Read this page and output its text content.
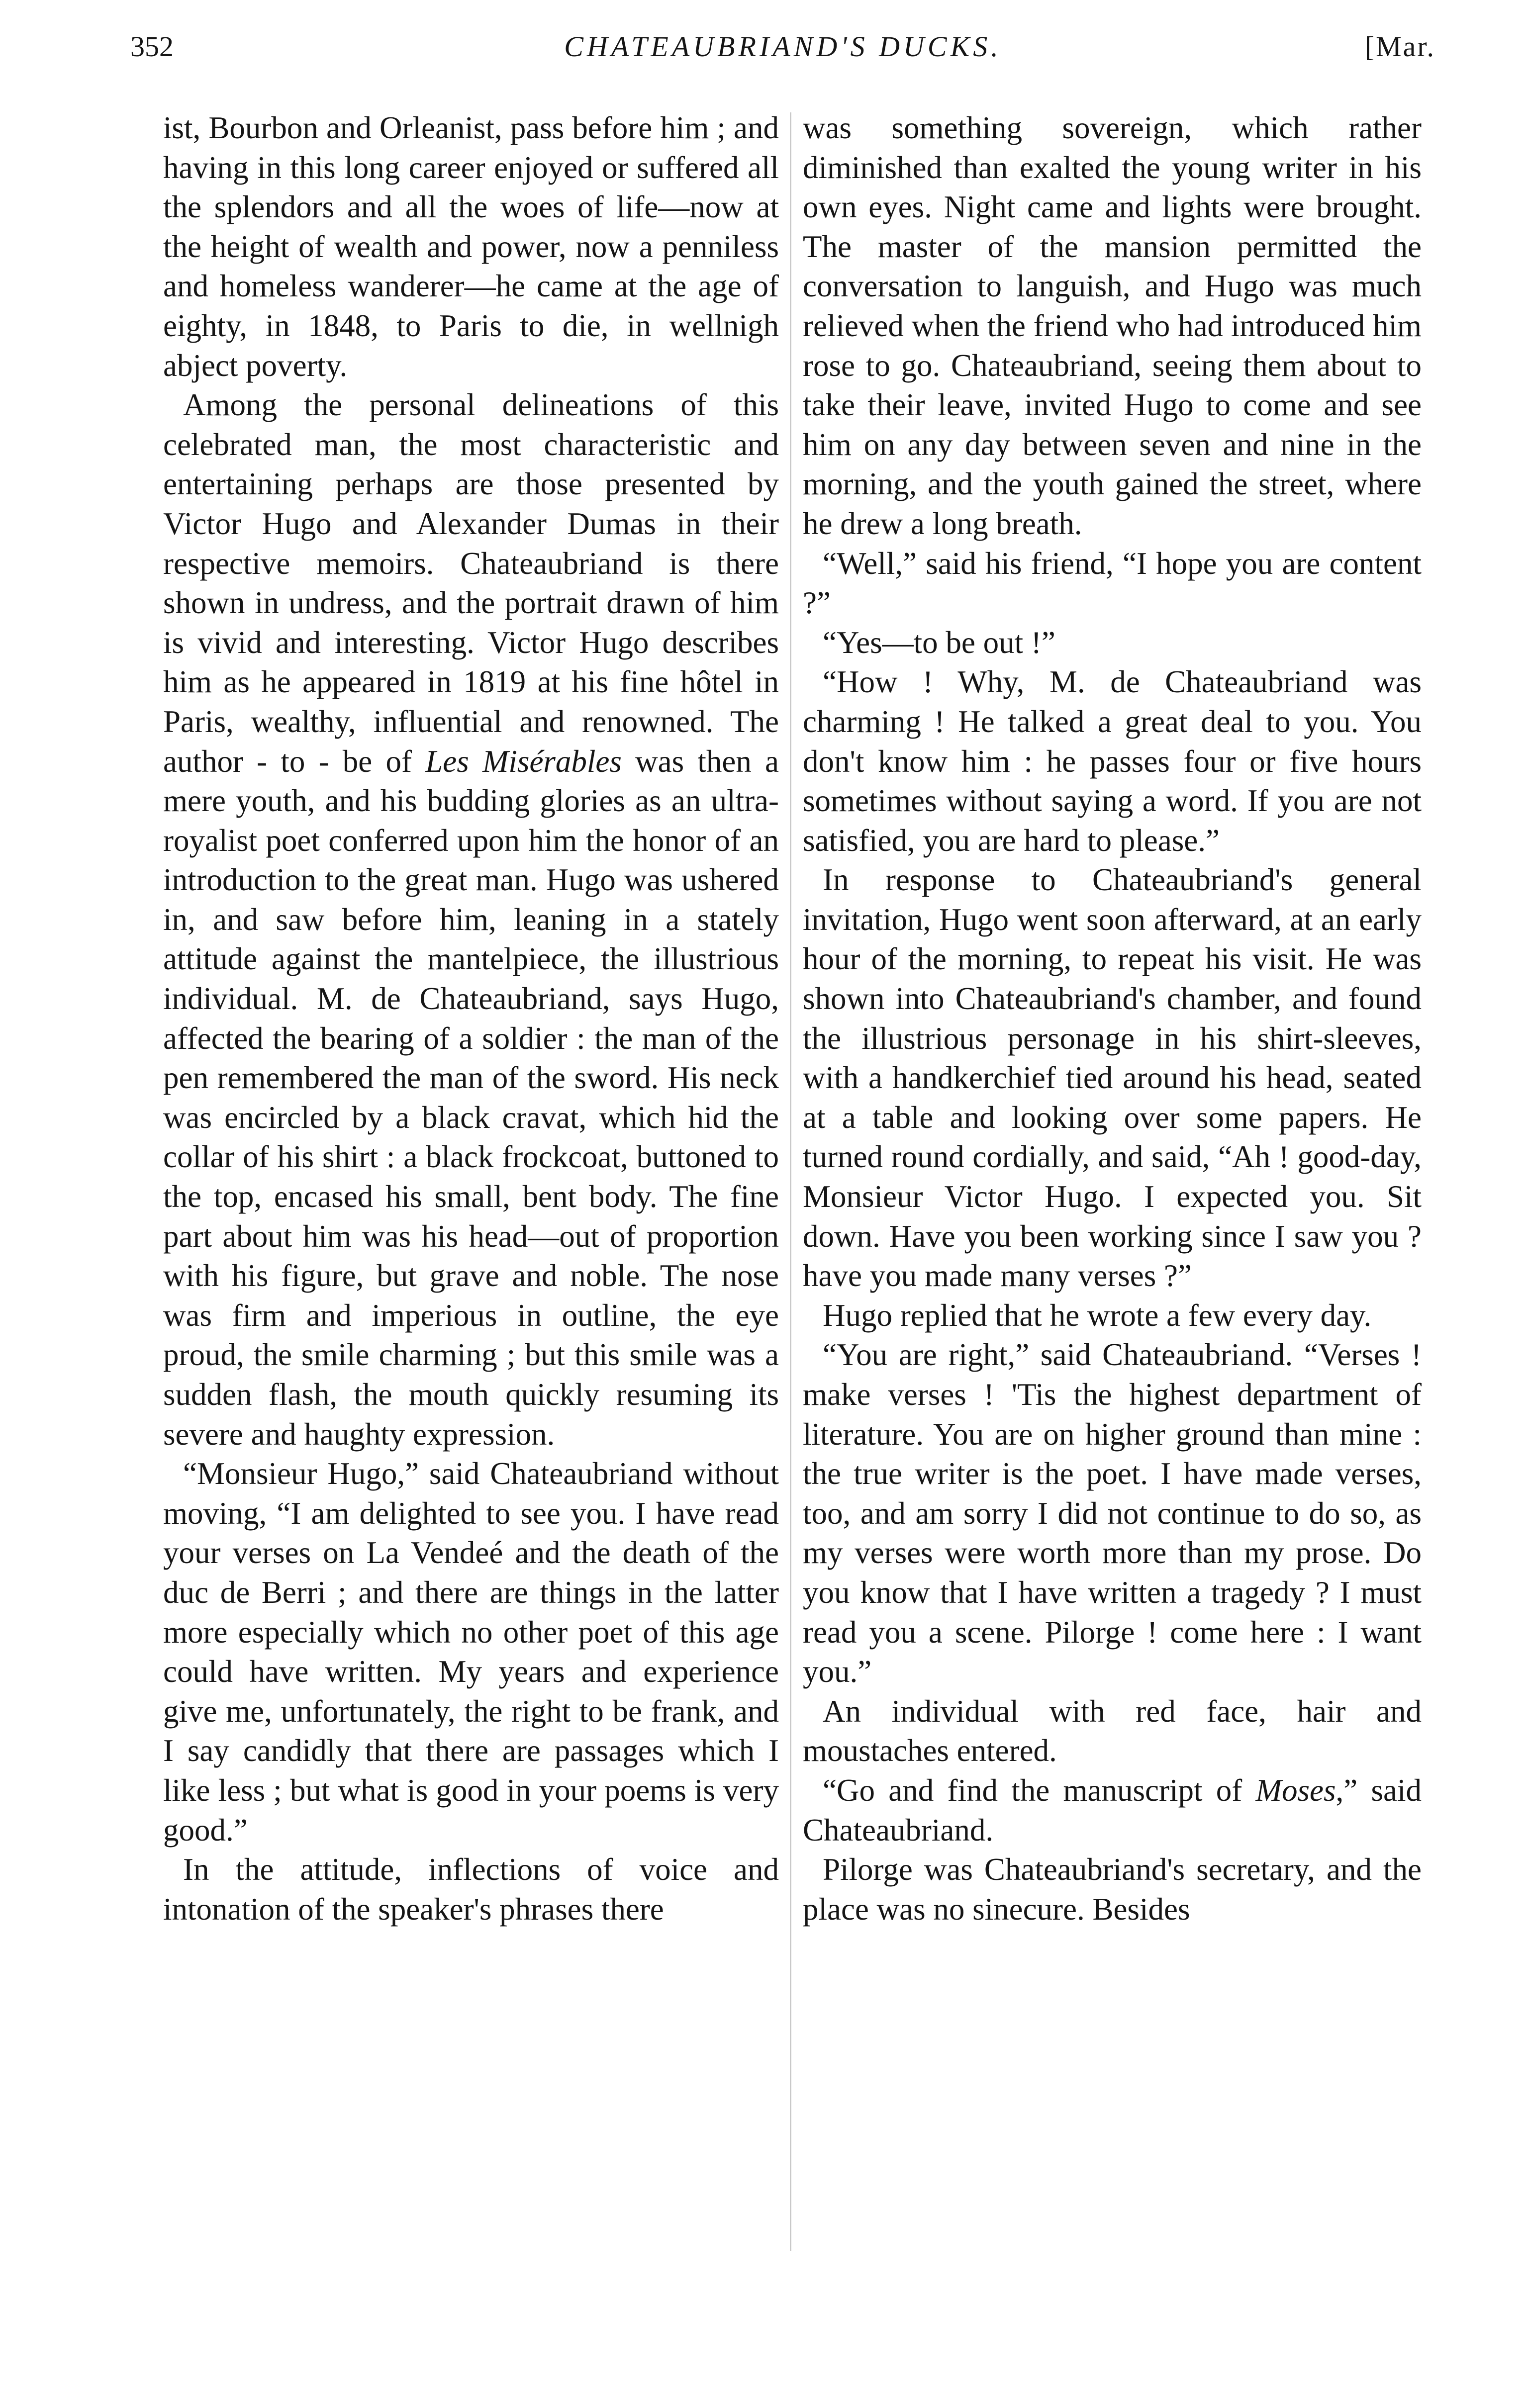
352	CHATEAUBRIAND'S DUCKS.	[Mar.

ist, Bourbon and Orleanist, pass before him ; and having in this long career enjoyed or suffered all the splendors and all the woes of life—now at the height of wealth and power, now a penniless and homeless wanderer—he came at the age of eighty, in 1848, to Paris to die, in wellnigh abject poverty.

Among the personal delineations of this celebrated man, the most characteristic and entertaining perhaps are those presented by Victor Hugo and Alexander Dumas in their respective memoirs. Chateaubriand is there shown in undress, and the portrait drawn of him is vivid and interesting. Victor Hugo describes him as he appeared in 1819 at his fine hôtel in Paris, wealthy, influential and renowned. The author - to - be of Les Misérables was then a mere youth, and his budding glories as an ultra-royalist poet conferred upon him the honor of an introduction to the great man. Hugo was ushered in, and saw before him, leaning in a stately attitude against the mantelpiece, the illustrious individual. M. de Chateaubriand, says Hugo, affected the bearing of a soldier : the man of the pen remembered the man of the sword. His neck was encircled by a black cravat, which hid the collar of his shirt : a black frockcoat, buttoned to the top, encased his small, bent body. The fine part about him was his head—out of proportion with his figure, but grave and noble. The nose was firm and imperious in outline, the eye proud, the smile charming ; but this smile was a sudden flash, the mouth quickly resuming its severe and haughty expression.

“Monsieur Hugo,” said Chateaubriand without moving, “I am delighted to see you. I have read your verses on La Vendeé and the death of the duc de Berri ; and there are things in the latter more especially which no other poet of this age could have written. My years and experience give me, unfortunately, the right to be frank, and I say candidly that there are passages which I like less ; but what is good in your poems is very good.”

In the attitude, inflections of voice and intonation of the speaker's phrases there

was something sovereign, which rather diminished than exalted the young writer in his own eyes. Night came and lights were brought. The master of the mansion permitted the conversation to languish, and Hugo was much relieved when the friend who had introduced him rose to go. Chateaubriand, seeing them about to take their leave, invited Hugo to come and see him on any day between seven and nine in the morning, and the youth gained the street, where he drew a long breath.

“Well,” said his friend, “I hope you are content ?”

“Yes—to be out !”

“How ! Why, M. de Chateaubriand was charming ! He talked a great deal to you. You don't know him : he passes four or five hours sometimes without saying a word. If you are not satisfied, you are hard to please.”

In response to Chateaubriand's general invitation, Hugo went soon afterward, at an early hour of the morning, to repeat his visit. He was shown into Chateaubriand's chamber, and found the illustrious personage in his shirt-sleeves, with a handkerchief tied around his head, seated at a table and looking over some papers. He turned round cordially, and said, “Ah ! good-day, Monsieur Victor Hugo. I expected you. Sit down. Have you been working since I saw you ? have you made many verses ?”

Hugo replied that he wrote a few every day.

“You are right,” said Chateaubriand. “Verses ! make verses ! 'Tis the highest department of literature. You are on higher ground than mine : the true writer is the poet. I have made verses, too, and am sorry I did not continue to do so, as my verses were worth more than my prose. Do you know that I have written a tragedy ? I must read you a scene. Pilorge ! come here : I want you.”

An individual with red face, hair and moustaches entered.

“Go and find the manuscript of Moses,” said Chateaubriand.

Pilorge was Chateaubriand's secretary, and the place was no sinecure. Besides
